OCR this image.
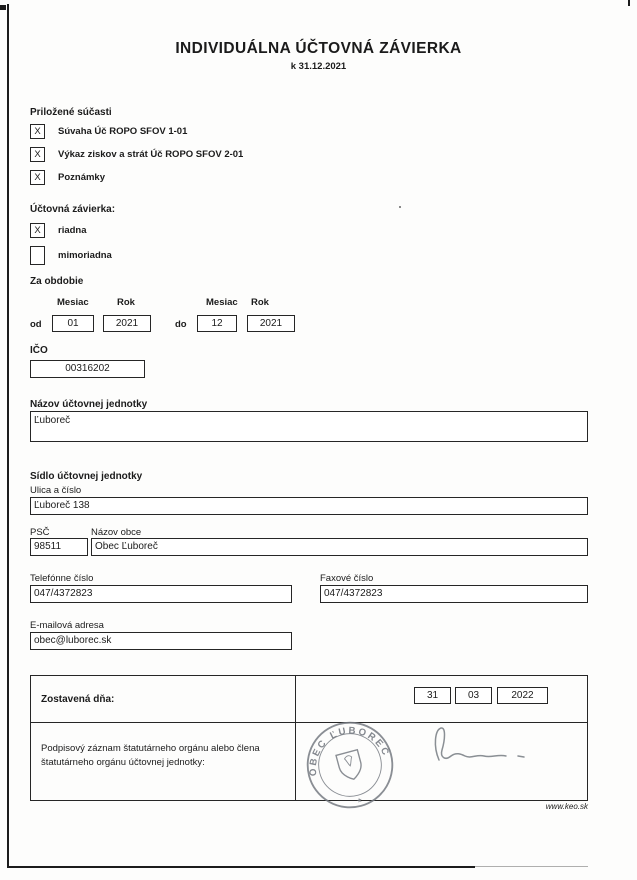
INDIVIDUÁLNA ÚČTOVNÁ ZÁVIERKA
k 31.12.2021
Priložené súčasti
X	Súvaha Úč ROPO SFOV 1-01
X	Výkaz ziskov a strát Úč ROPO SFOV 2-01
X	Poznámky
Účtovná závierka:
X	riadna
mimoriadna
Za obdobie
Mesiac	Rok	Mesiac Rok
od	01	2021	do	12	2021
IČO
00316202
Názov účtovnej jednotky
Ľuboreč
Sídlo účtovnej jednotky
Ulica a číslo
Ľuboreč 138
PSČ	Názov obce
98511	Obec Ľuboreč
Telefónne číslo	Faxové číslo
047/4372823	047/4372823
E-mailová adresa
obec@luborec.sk
Zostavená dňa:	31	03	2022
Podpisový záznam štatutárneho orgánu alebo člena štatutárneho orgánu účtovnej jednotky:
OBEC ĽUBOREČ
★
www.keo.sk
